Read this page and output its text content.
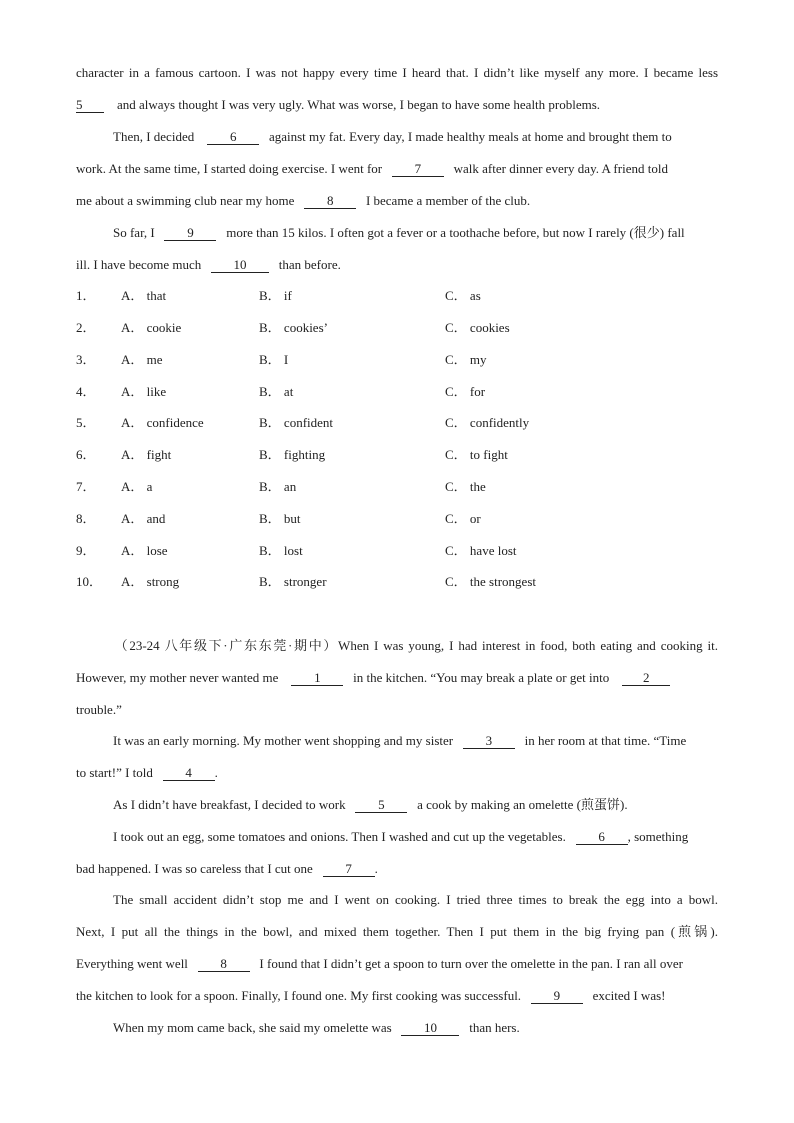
character in a famous cartoon. I was not happy every time I heard that. I didn’t like myself any more. I became less
5	and always thought I was very ugly. What was worse, I began to have some health problems.
Then, I decided	6	against my fat. Every day, I made healthy meals at home and brought them to
work. At the same time, I started doing exercise. I went for	7	walk after dinner every day. A friend told
me about a swimming club near my home	8	I became a member of the club.
So far, I	9	more than 15 kilos. I often got a fever or a toothache before, but now I rarely (很少) fall
ill. I have become much 10 than before.
1． A． that	B． if	C． as
2． A． cookie	B． cookies’	C． cookies
3． A． me	B． I	C． my
4． A． like	B． at	C． for
5． A． confidence	B． confident	C． confidently
6． A． fight	B． fighting	C． to fight
7． A． a	B． an	C． the
8． A． and	B． but	C． or
9． A． lose	B． lost	C． have lost
10． A． strong	B． stronger	C． the strongest
（23-24 八年级下·广东东莞·期中）When I was young, I had interest in food, both eating and cooking it.
However, my mother never wanted me	1	in the kitchen. “You may break a plate or get into	2
trouble.”
It was an early morning. My mother went shopping and my sister	3	in her room at that time. “Time
to start!” I told	4 .
As I didn’t have breakfast, I decided to work	5	a cook by making an omelette (煎蛋饼).
I took out an egg, some tomatoes and onions. Then I washed and cut up the vegetables.	6 , something
bad happened. I was so careless that I cut one	7 .
The small accident didn’t stop me and I went on cooking. I tried three times to break the egg into a bowl.
Next, I put all the things in the bowl, and mixed them together. Then I put them in the big frying pan (煎锅).
Everything went well	8	I found that I didn’t get a spoon to turn over the omelette in the pan. I ran all over
the kitchen to look for a spoon. Finally, I found one. My first cooking was successful.	9	excited I was!
When my mom came back, she said my omelette was 10 than hers.
